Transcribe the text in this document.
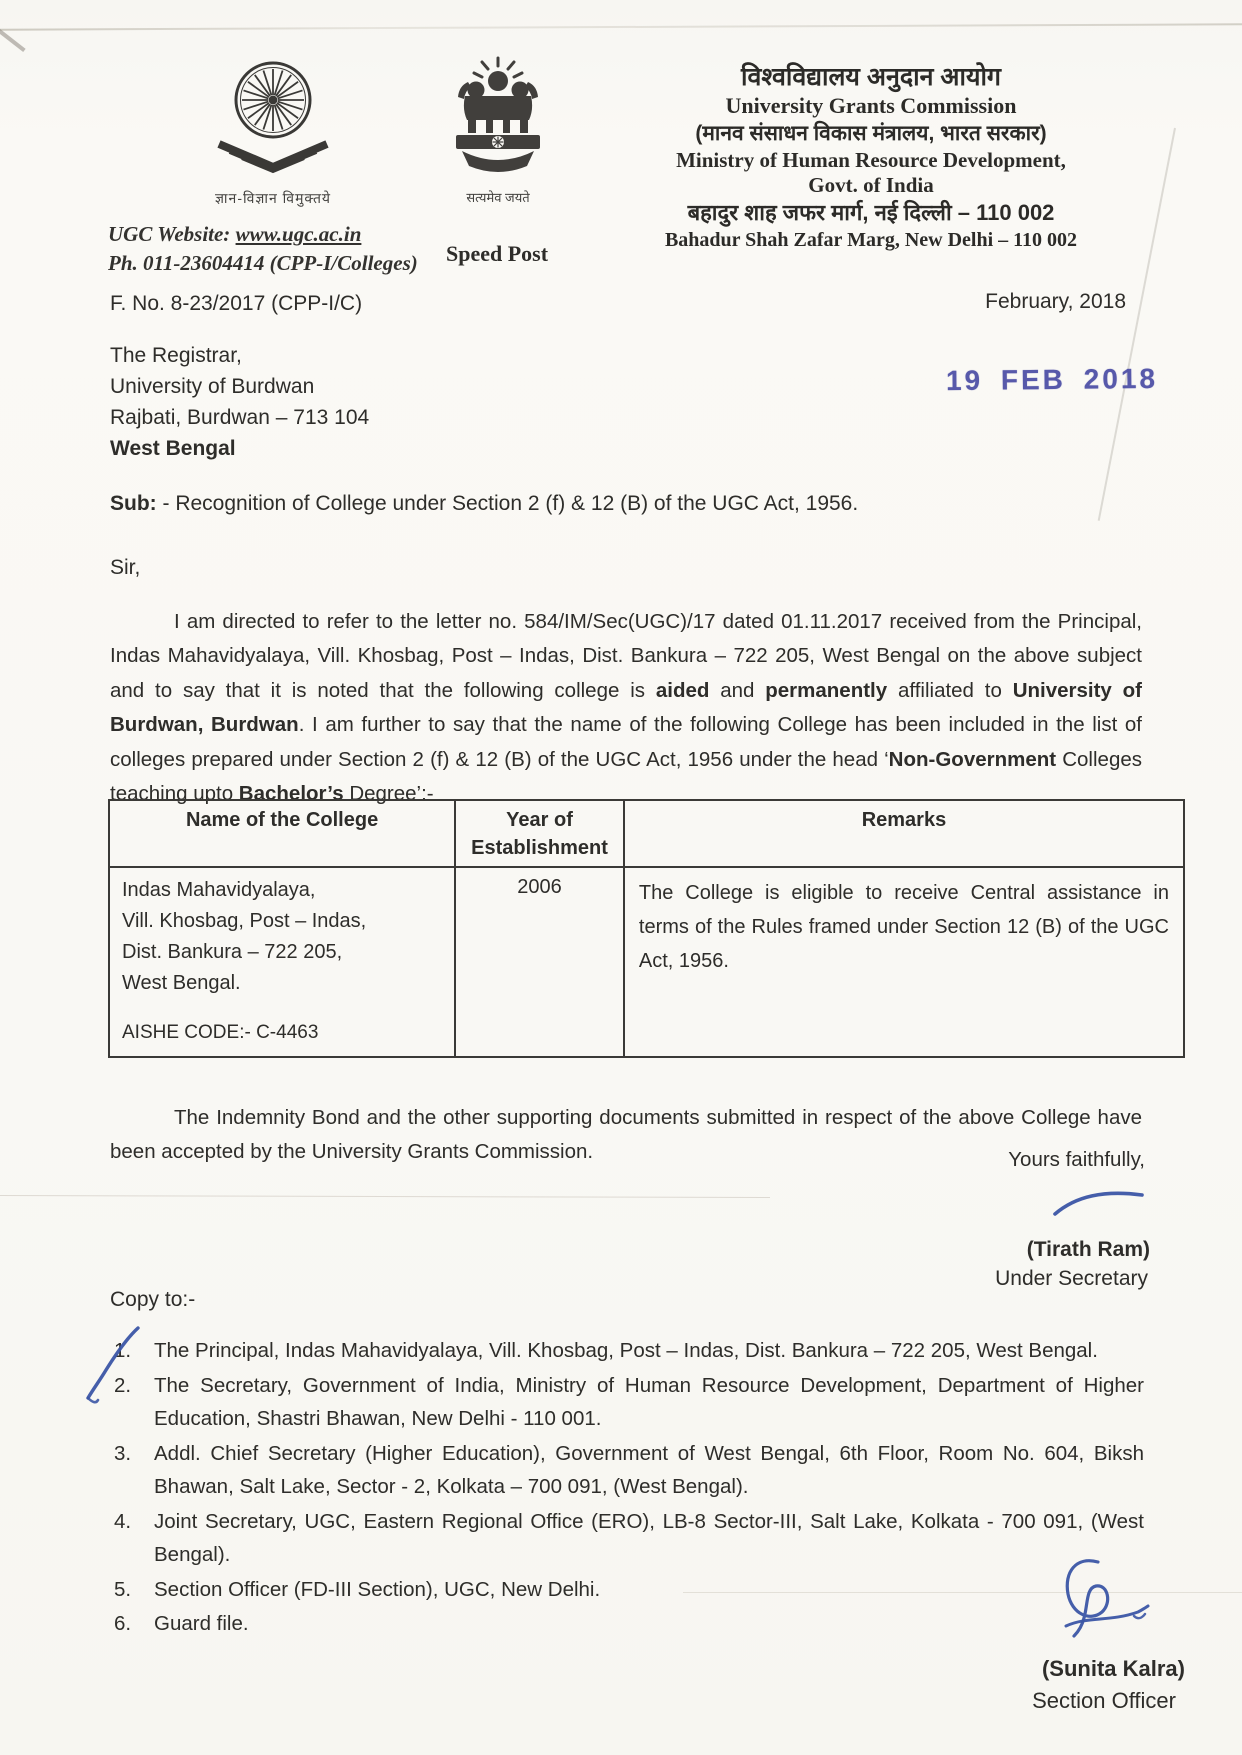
ज्ञान-विज्ञान विमुक्तये
UGC Website: www.ugc.ac.in
Ph. 011-23604414 (CPP-I/Colleges)
सत्यमेव जयते
Speed Post
विश्वविद्यालय अनुदान आयोग
University Grants Commission
(मानव संसाधन विकास मंत्रालय, भारत सरकार)
Ministry of Human Resource Development,
Govt. of India
बहादुर शाह जफर मार्ग, नई दिल्ली – 110 002
Bahadur Shah Zafar Marg, New Delhi – 110 002
F. No. 8-23/2017 (CPP-I/C)	February, 2018
19 FEB 2018
The Registrar,
University of Burdwan
Rajbati, Burdwan – 713 104
West Bengal
Sub: - Recognition of College under Section 2 (f) & 12 (B) of the UGC Act, 1956.
Sir,

I am directed to refer to the letter no. 584/IM/Sec(UGC)/17 dated 01.11.2017 received from the Principal, Indas Mahavidyalaya, Vill. Khosbag, Post – Indas, Dist. Bankura – 722 205, West Bengal on the above subject and to say that it is noted that the following college is aided and permanently affiliated to University of Burdwan, Burdwan. I am further to say that the name of the following College has been included in the list of colleges prepared under Section 2 (f) & 12 (B) of the UGC Act, 1956 under the head ‘Non-Government Colleges teaching upto Bachelor’s Degree’:-

Name of the College	Year of Establishment	Remarks

Indas Mahavidyalaya,
Vill. Khosbag, Post – Indas,
Dist. Bankura – 722 205,
West Bengal.
AISHE CODE:- C-4463	2006	The College is eligible to receive Central assistance in terms of the Rules framed under Section 12 (B) of the UGC Act, 1956.

The Indemnity Bond and the other supporting documents submitted in respect of the above College have been accepted by the University Grants Commission.	Yours faithfully,
(Tirath Ram)
Under Secretary
Copy to:-
The Principal, Indas Mahavidyalaya, Vill. Khosbag, Post – Indas, Dist. Bankura – 722 205, West Bengal.
The Secretary, Government of India, Ministry of Human Resource Development, Department of Higher Education, Shastri Bhawan, New Delhi - 110 001.
Addl. Chief Secretary (Higher Education), Government of West Bengal, 6th Floor, Room No. 604, Biksh Bhawan, Salt Lake, Sector - 2, Kolkata – 700 091, (West Bengal).
Joint Secretary, UGC, Eastern Regional Office (ERO), LB-8 Sector-III, Salt Lake, Kolkata - 700 091, (West Bengal).
Section Officer (FD-III Section), UGC, New Delhi.
Guard file.
(Sunita Kalra)
Section Officer
